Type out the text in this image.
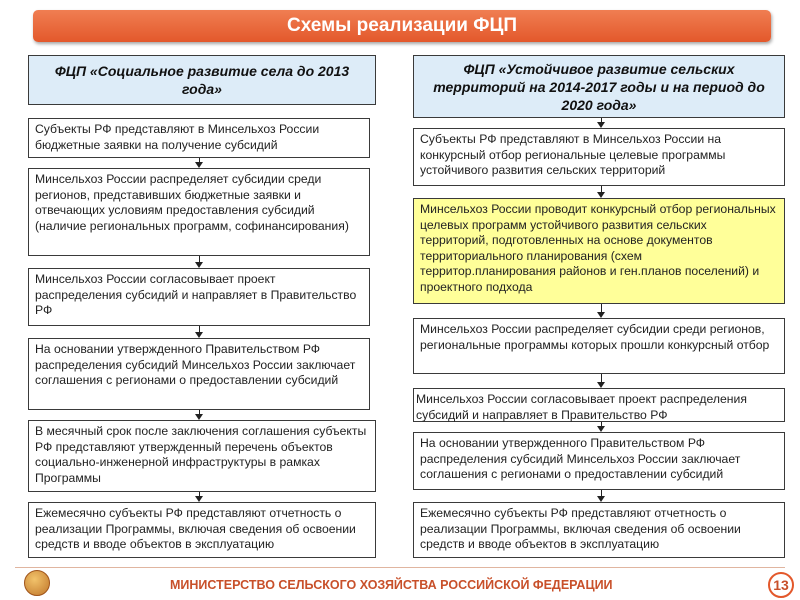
Схемы реализации ФЦП
ФЦП «Социальное развитие села до 2013 года»
Субъекты РФ представляют в Минсельхоз России бюджетные заявки на получение субсидий
Минсельхоз России распределяет субсидии среди регионов, представивших бюджетные заявки и отвечающих условиям предоставления субсидий (наличие региональных программ, софинансирования)
Минсельхоз России согласовывает проект распределения субсидий и направляет в Правительство РФ
На основании утвержденного Правительством РФ распределения субсидий Минсельхоз России заключает соглашения с регионами о предоставлении субсидий
В месячный срок после заключения соглашения субъекты РФ представляют утвержденный перечень объектов социально-инженерной инфраструктуры в рамках Программы
Ежемесячно субъекты РФ представляют отчетность о реализации Программы, включая сведения об освоении средств и вводе объектов в эксплуатацию
ФЦП «Устойчивое развитие сельских территорий на 2014-2017 годы и на период до 2020 года»
Субъекты РФ представляют в Минсельхоз России на конкурсный отбор региональные целевые программы устойчивого развития сельских территорий
Минсельхоз России проводит конкурсный отбор региональных целевых программ устойчивого развития сельских территорий, подготовленных на основе документов территориального планирования (схем территор.планирования районов и ген.планов поселений) и проектного подхода
Минсельхоз России распределяет субсидии среди регионов, региональные программы которых прошли конкурсный отбор
Минсельхоз России согласовывает проект распределения субсидий и направляет в Правительство РФ
На основании утвержденного Правительством РФ распределения субсидий Минсельхоз России заключает соглашения с регионами о предоставлении субсидий
Ежемесячно субъекты РФ представляют отчетность о реализации Программы, включая сведения об освоении средств и вводе объектов в эксплуатацию
МИНИСТЕРСТВО СЕЛЬСКОГО ХОЗЯЙСТВА РОССИЙСКОЙ ФЕДЕРАЦИИ	13
